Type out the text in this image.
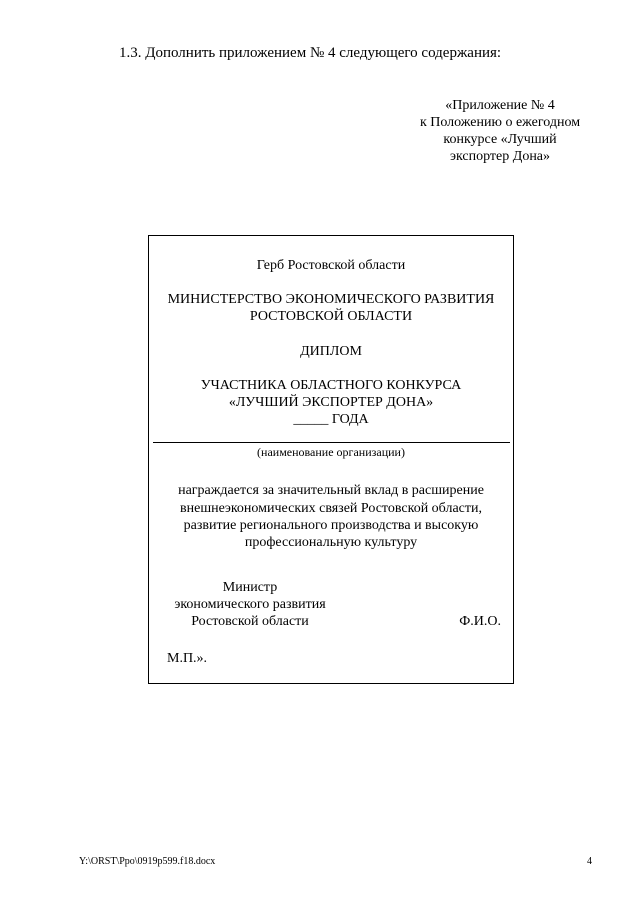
1.3. Дополнить приложением № 4 следующего содержания:
«Приложение № 4
к Положению о ежегодном
конкурсе «Лучший
экспортер Дона»
Герб Ростовской области
МИНИСТЕРСТВО ЭКОНОМИЧЕСКОГО РАЗВИТИЯ
РОСТОВСКОЙ ОБЛАСТИ
ДИПЛОМ
УЧАСТНИКА ОБЛАСТНОГО КОНКУРСА
«ЛУЧШИЙ ЭКСПОРТЕР ДОНА»
_____ ГОДА
(наименование организации)
награждается за значительный вклад в расширение
внешнеэкономических связей Ростовской области,
развитие регионального производства и высокую
профессиональную культуру
Министр
экономического развития
Ростовской области	Ф.И.О.
М.П.».
Y:\ORST\Ppo\0919p599.f18.docx	4
